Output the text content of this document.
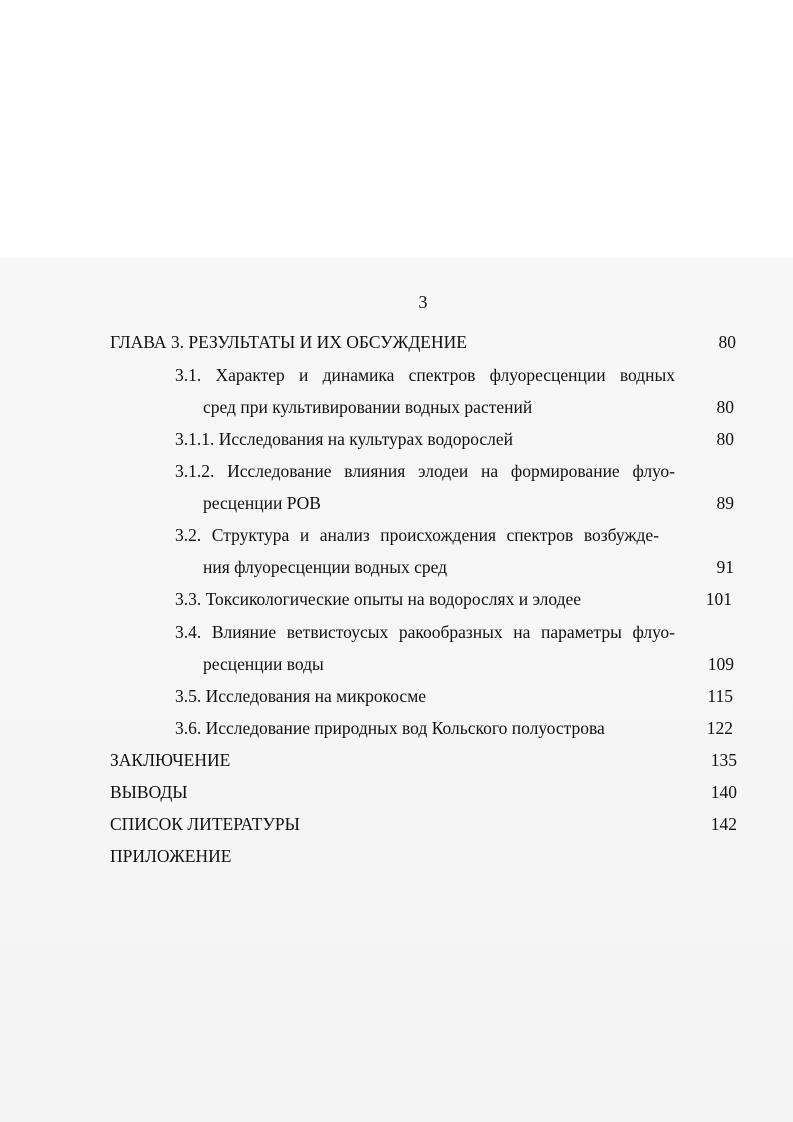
3
ГЛАВА 3. РЕЗУЛЬТАТЫ И ИХ ОБСУЖДЕНИЕ	80
3.1. Характер и динамика спектров флуоресценции водных
сред при культивировании водных растений	80
3.1.1. Исследования на культурах водорослей	80
3.1.2. Исследование влияния элодеи на формирование флуо-
ресценции РОВ	89
3.2. Структура и анализ происхождения спектров возбужде-
ния флуоресценции водных сред	91
3.3. Токсикологические опыты на водорослях и элодее	101
3.4. Влияние ветвистоусых ракообразных на параметры флуо-
ресценции воды	109
3.5. Исследования на микрокосме	115
3.6. Исследование природных вод Кольского полуострова	122
ЗАКЛЮЧЕНИЕ	135
ВЫВОДЫ	140
СПИСОК ЛИТЕРАТУРЫ	142
ПРИЛОЖЕНИЕ
